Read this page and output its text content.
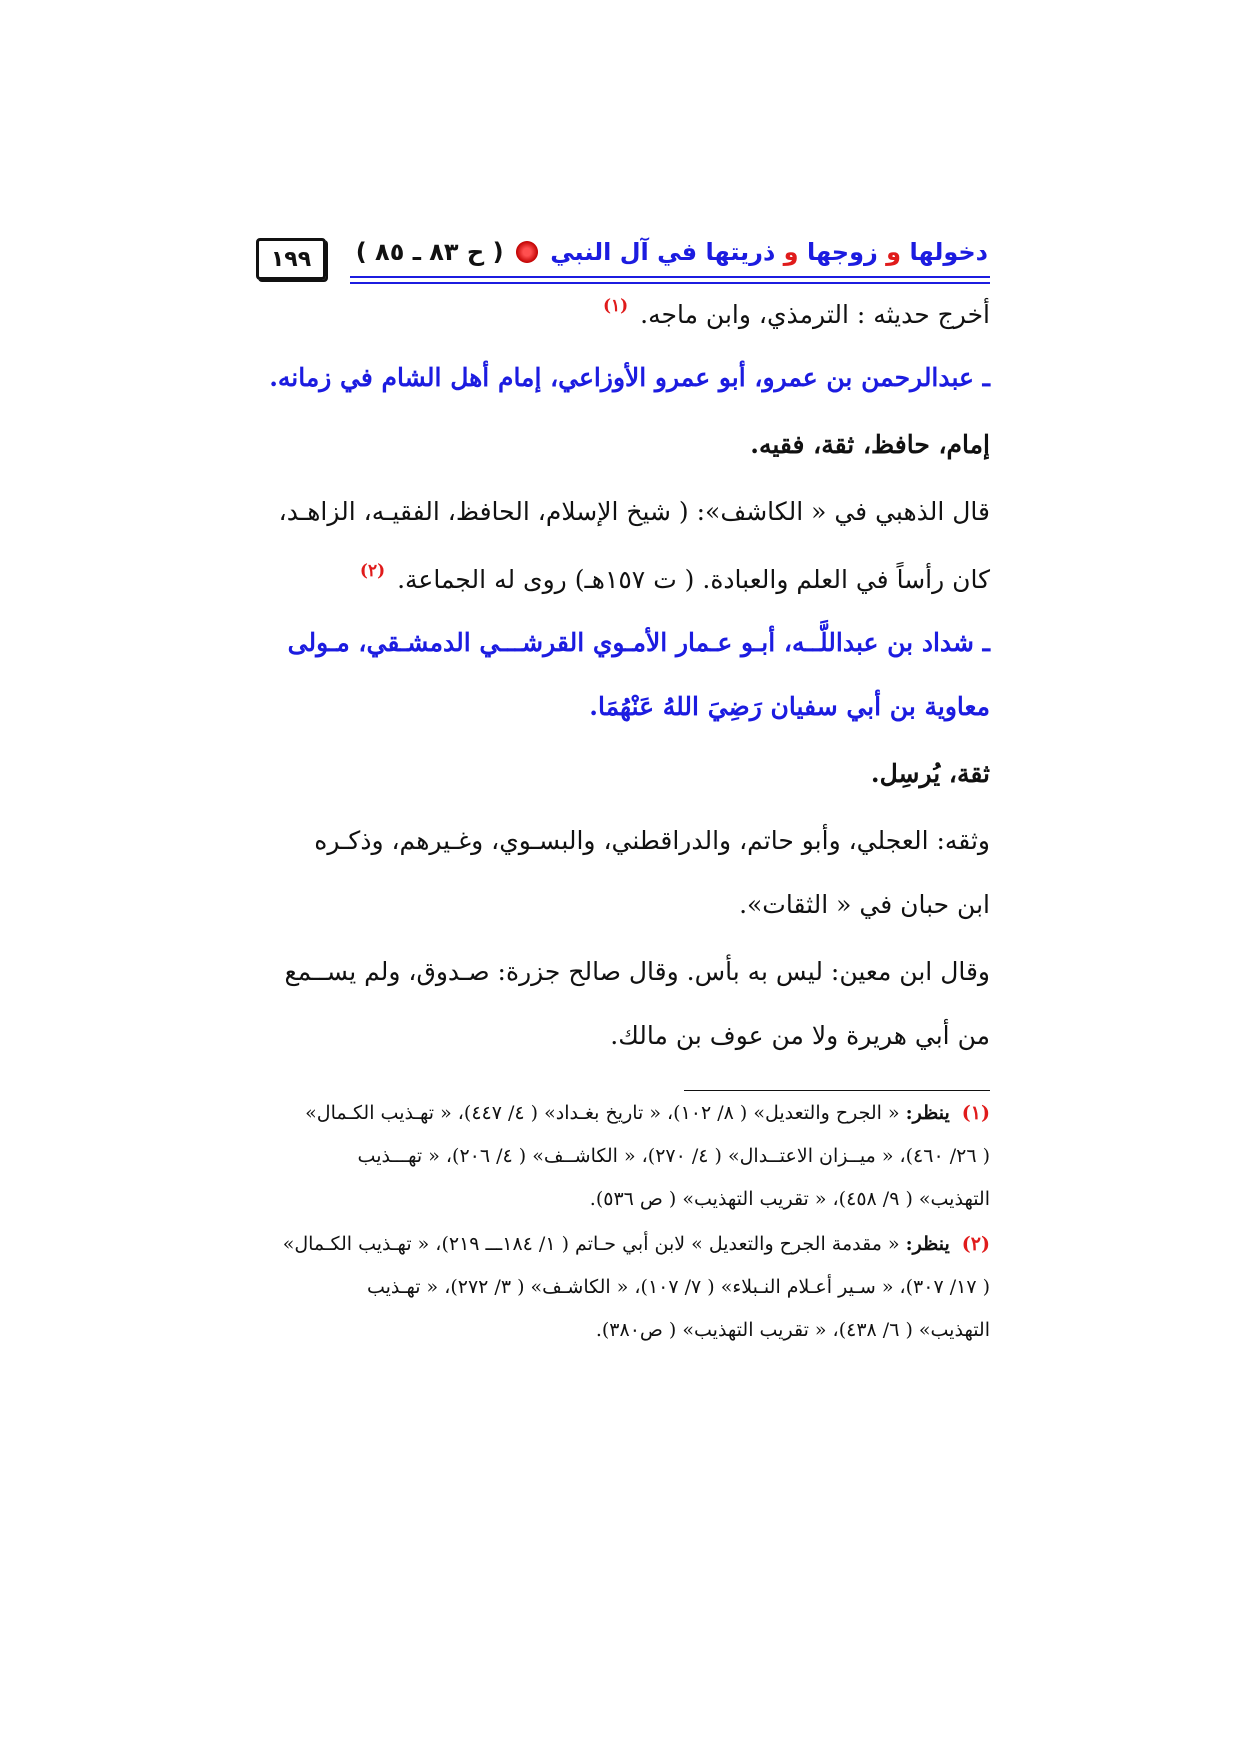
١٩٩	دخولها و زوجها و ذريتها في آل النبي  ( ح ٨٣ ـ ٨٥ )
أخرج حديثه : الترمذي، وابن ماجه. $^{(١)}$
ـ عبدالرحمن بن عمرو، أبو عمرو الأوزاعي، إمام أهل الشام في زمانه.
إمام، حافظ، ثقة، فقيه.
قال الذهبي في « الكاشف»: ( شيخ الإسلام، الحافظ، الفقيـه، الزاهـد،
كان رأساً في العلم والعبادة. ( ت ١٥٧هـ) روى له الجماعة. $^{(٢)}$
ـ شداد بن عبداللَّــه، أبـو عـمار الأمـوي القرشـــي الدمشـقي، مـولى
معاوية بن أبي سفيان رَضِيَ اللهُ عَنْهُمَا.
ثقة، يُرسِل.
وثقه: العجلي، وأبو حاتم، والدراقطني، والبسـوي، وغـيرهم، وذكـره
ابن حبان في « الثقات».
وقال ابن معين: ليس به بأس. وقال صالح جزرة: صـدوق، ولم يســمع
من أبي هريرة ولا من عوف بن مالك.
(١) ينظر: « الجرح والتعديل» ( ٨/ ١٠٢)، « تاريخ بغـداد» ( ٤/ ٤٤٧)، « تهـذيب الكـمال»
( ٢٦/ ٤٦٠)، « ميــزان الاعتــدال» ( ٤/ ٢٧٠)، « الكاشــف» ( ٤/ ٢٠٦)، « تهـــذيب
التهذيب» ( ٩/ ٤٥٨)، « تقريب التهذيب» ( ص ٥٣٦).
(٢) ينظر: « مقدمة الجرح والتعديل » لابن أبي حـاتم ( ١/ ١٨٤ـــ ٢١٩)، « تهـذيب الكـمال»
( ١٧/ ٣٠٧)، « سـير أعـلام النـبلاء» ( ٧/ ١٠٧)، « الكاشـف» ( ٣/ ٢٧٢)، « تهـذيب
التهذيب» ( ٦/ ٤٣٨)، « تقريب التهذيب» ( ص٣٨٠).
